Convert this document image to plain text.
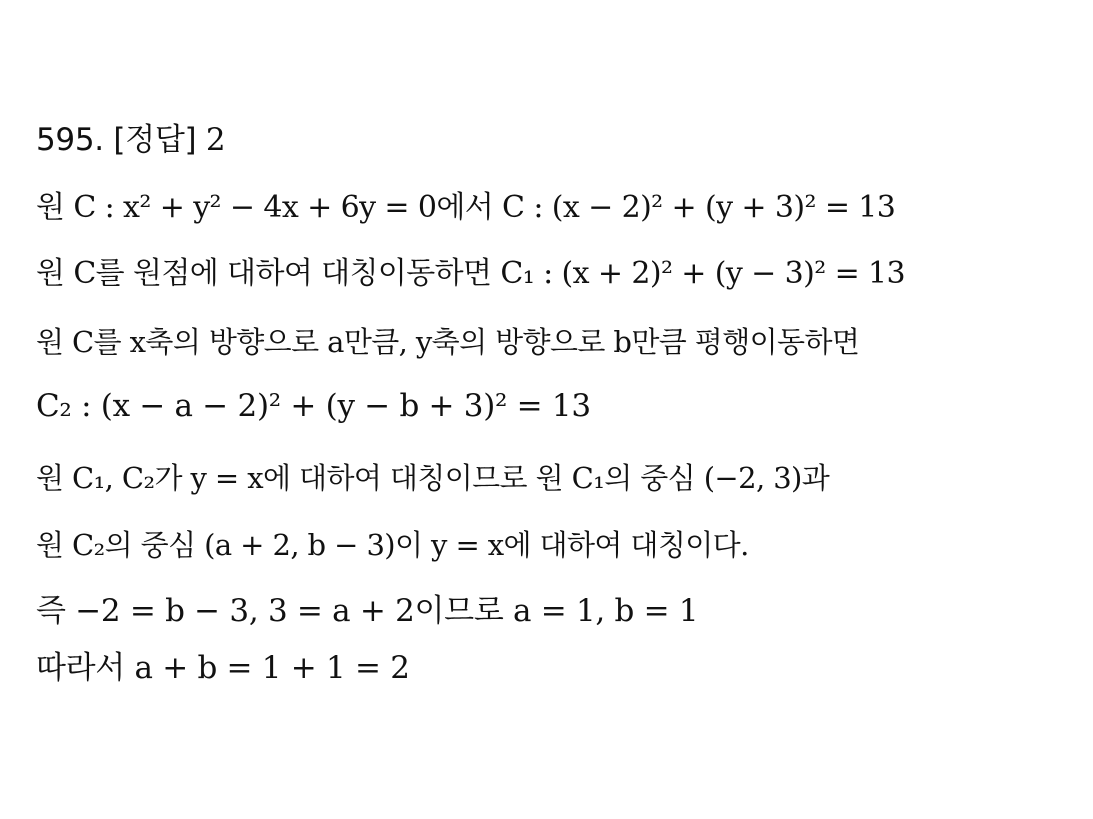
595. [정답] 2
원 C : x² + y² − 4x + 6y = 0에서 C : (x − 2)² + (y + 3)² = 13
원 C를 원점에 대하여 대칭이동하면 C₁ : (x + 2)² + (y − 3)² = 13
원 C를 x축의 방향으로 a만큼, y축의 방향으로 b만큼 평행이동하면
C₂ : (x − a − 2)² + (y − b + 3)² = 13
원 C₁, C₂가 y = x에 대하여 대칭이므로 원 C₁의 중심 (−2, 3)과
원 C₂의 중심 (a + 2, b − 3)이 y = x에 대하여 대칭이다.
즉 −2 = b − 3, 3 = a + 2이므로 a = 1, b = 1
따라서 a + b = 1 + 1 = 2
